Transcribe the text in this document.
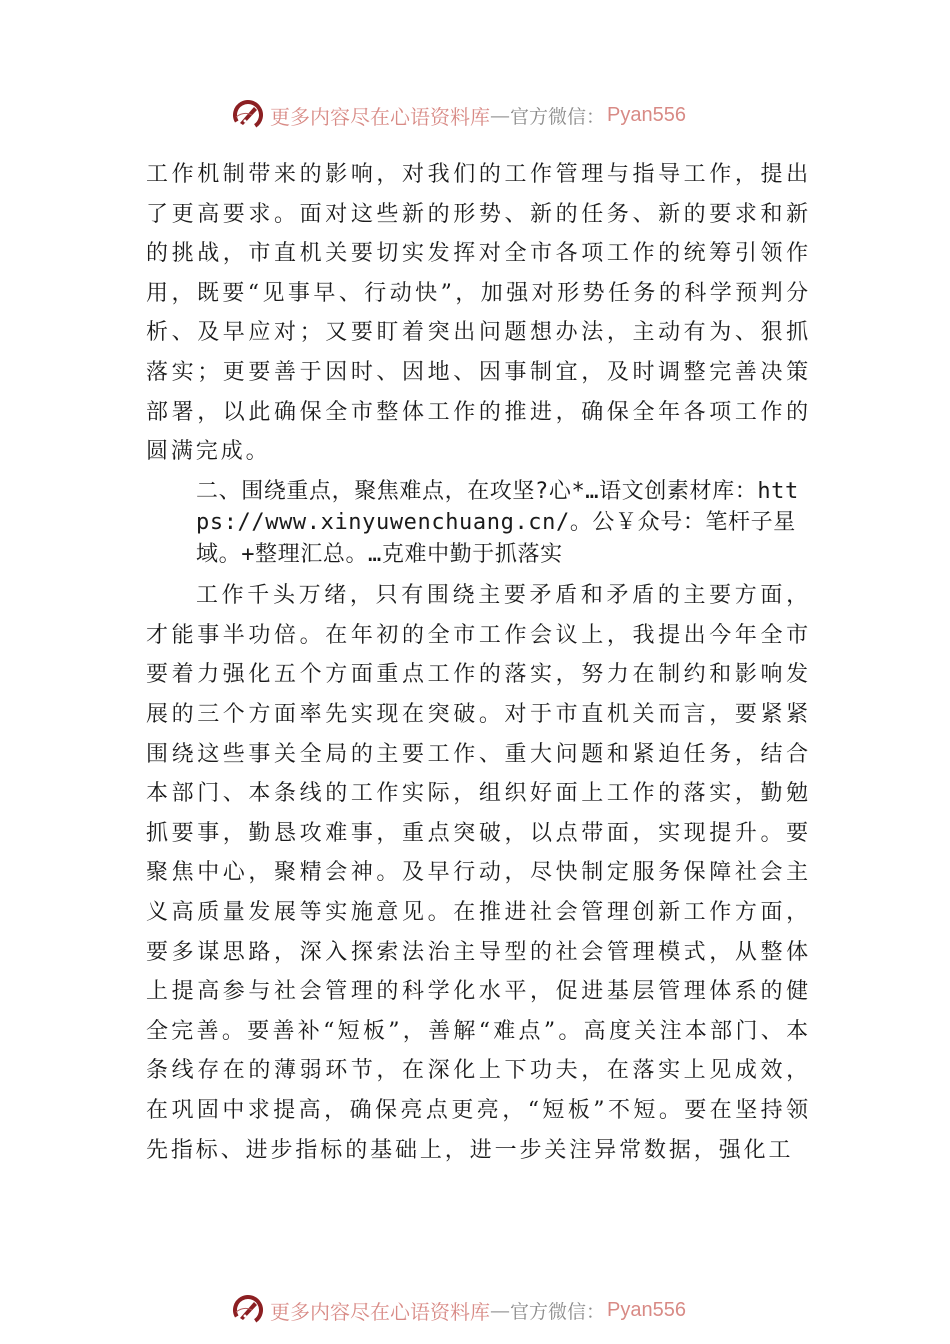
更多内容尽在心语资料库 — 官方微信： Pyan556

工作机制带来的影响，对我们的工作管理与指导工作，提出了更高要求。面对这些新的形势、新的任务、新的要求和新的挑战，市直机关要切实发挥对全市各项工作的统筹引领作用，既要“见事早、行动快”，加强对形势任务的科学预判分析、及早应对；又要盯着突出问题想办法，主动有为、狠抓落实；更要善于因时、因地、因事制宜，及时调整完善决策部署，以此确保全市整体工作的推进，确保全年各项工作的圆满完成。

二、围绕重点，聚焦难点，在攻坚?心*…语文创素材库：https://www.xinyuwenchuang.cn/。公￥众号：笔杆子星域。+整理汇总。…克难中勤于抓落实

工作千头万绪，只有围绕主要矛盾和矛盾的主要方面，才能事半功倍。在年初的全市工作会议上，我提出今年全市要着力强化五个方面重点工作的落实，努力在制约和影响发展的三个方面率先实现在突破。对于市直机关而言，要紧紧围绕这些事关全局的主要工作、重大问题和紧迫任务，结合本部门、本条线的工作实际，组织好面上工作的落实，勤勉抓要事，勤恳攻难事，重点突破，以点带面，实现提升。要聚焦中心，聚精会神。及早行动，尽快制定服务保障社会主义高质量发展等实施意见。在推进社会管理创新工作方面， 要多谋思路，深入探索法治主导型的社会管理模式，从整体上提高参与社会管理的科学化水平，促进基层管理体系的健全完善。要善补“短板”，善解“难点”。高度关注本部门、本条线存在的薄弱环节，在深化上下功夫，在落实上见成效， 在巩固中求提高，确保亮点更亮，“短板”不短。要在坚持领先指标、进步指标的基础上，进一步关注异常数据，强化工

更多内容尽在心语资料库 — 官方微信： Pyan556
